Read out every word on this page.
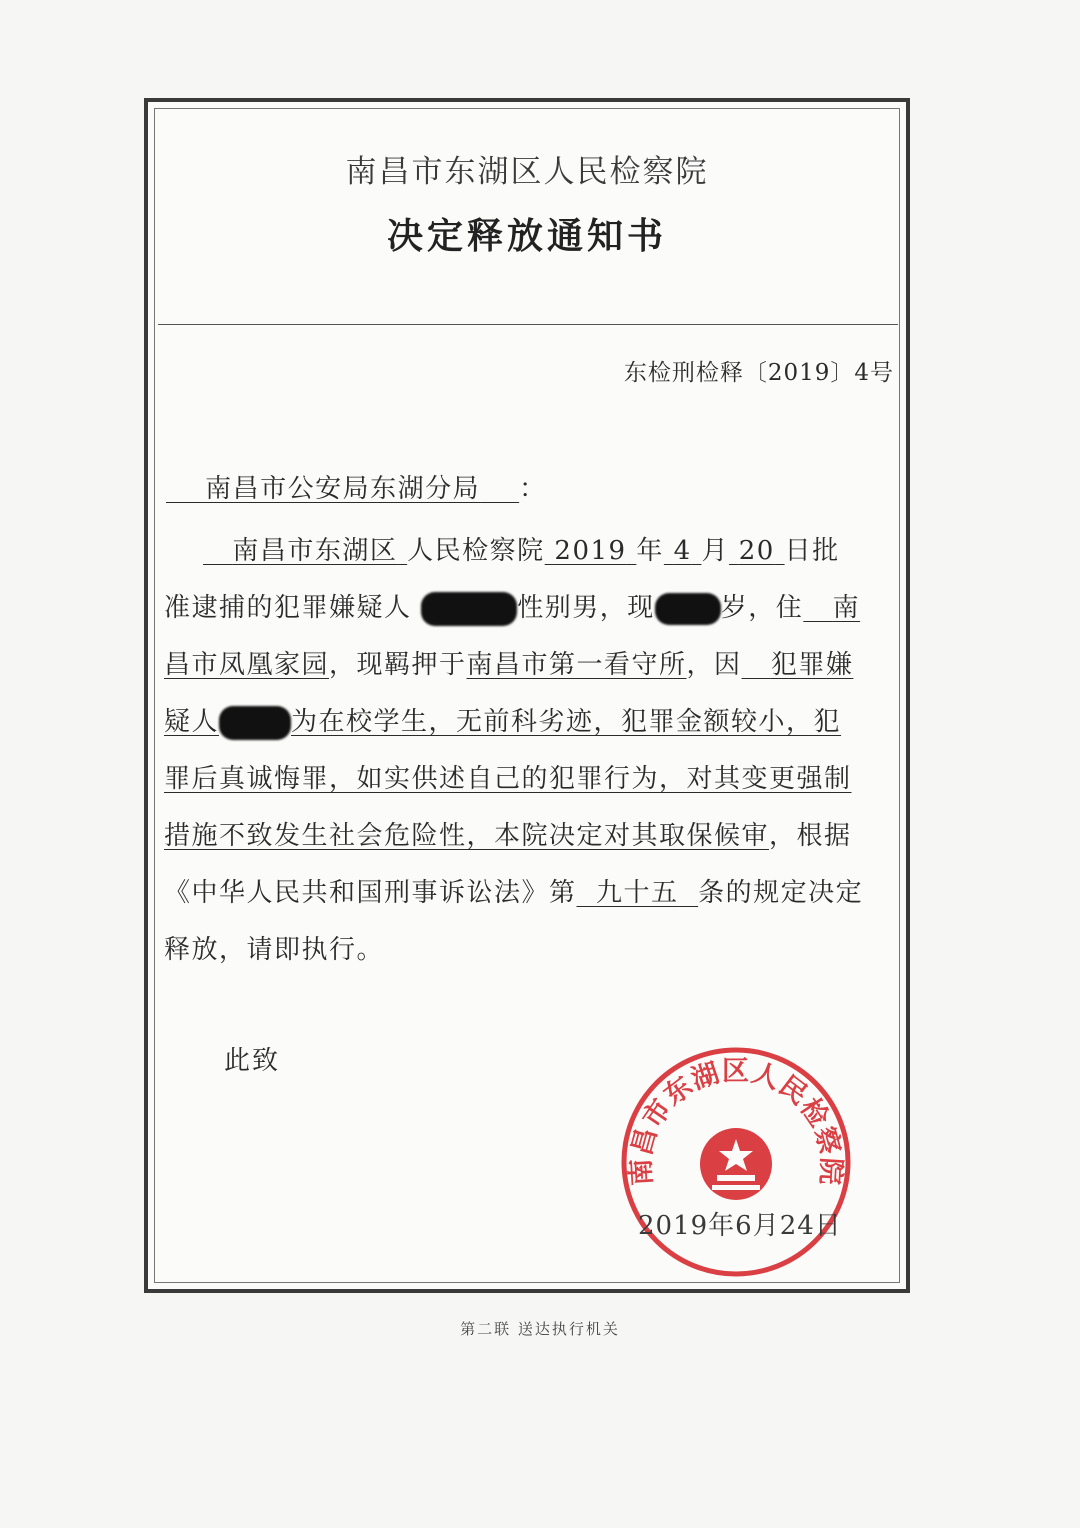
南昌市东湖区人民检察院
决定释放通知书
东检刑检释〔2019〕4号
南昌市公安局东湖分局 ：
南昌市东湖区 人民检察院 2019 年 4 月 20 日批
准逮捕的犯罪嫌疑人	性别男，现	岁，住 南
昌市凤凰家园，现羁押于南昌市第一看守所，因 犯罪嫌
疑人	为在校学生，无前科劣迹，犯罪金额较小，犯
罪后真诚悔罪，如实供述自己的犯罪行为，对其变更强制
措施不致发生社会危险性，本院决定对其取保候审，根据
《中华人民共和国刑事诉讼法》第 九十五 条的规定决定
释放，请即执行。
此致
南昌市东湖区人民检察院
2019年6月24日
第二联 送达执行机关
